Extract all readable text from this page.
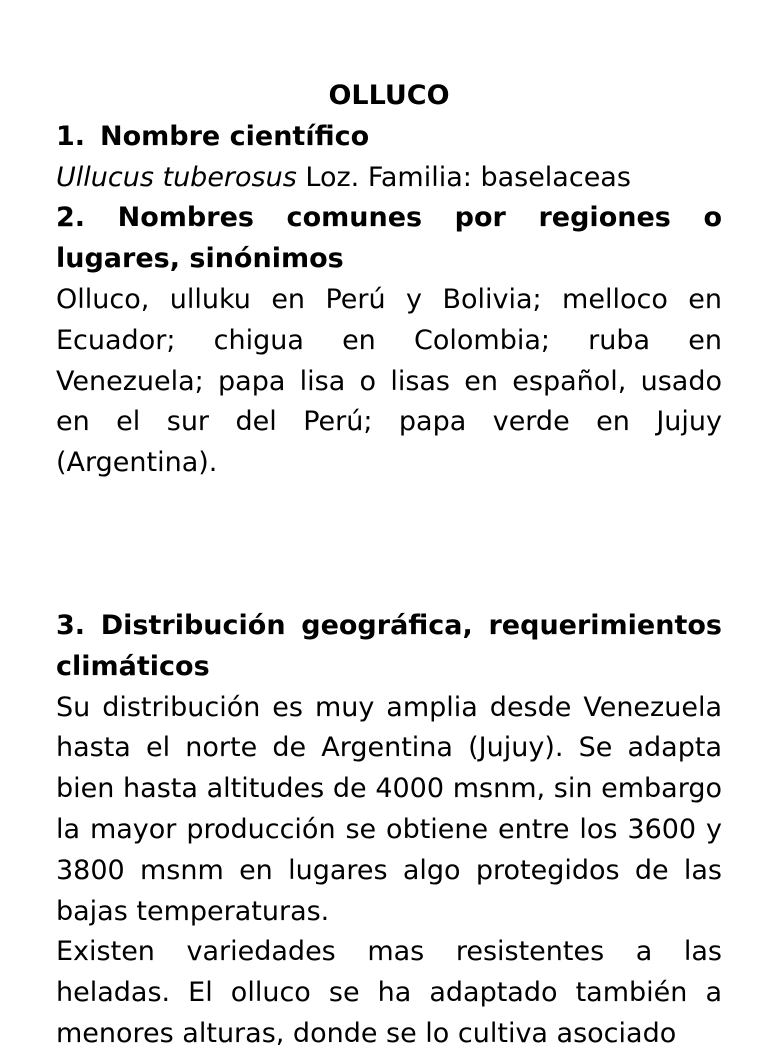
OLLUCO
1. Nombre científico
Ullucus tuberosus Loz. Familia: baselaceas
2. Nombres comunes por regiones o lugares, sinónimos

Olluco, ulluku en Perú y Bolivia; melloco en Ecuador; chigua en Colombia; ruba en Venezuela; papa lisa o lisas en español, usado en el sur del Perú; papa verde en Jujuy (Argentina).

3. Distribución geográfica, requerimientos climáticos

Su distribución es muy amplia desde Venezuela hasta el norte de Argentina (Jujuy). Se adapta bien hasta altitudes de 4000 msnm, sin embargo la mayor producción se obtiene entre los 3600 y 3800 msnm en lugares algo protegidos de las bajas temperaturas.

Existen variedades mas resistentes a las heladas. El olluco se ha adaptado también a menores alturas, donde se lo cultiva asociado
